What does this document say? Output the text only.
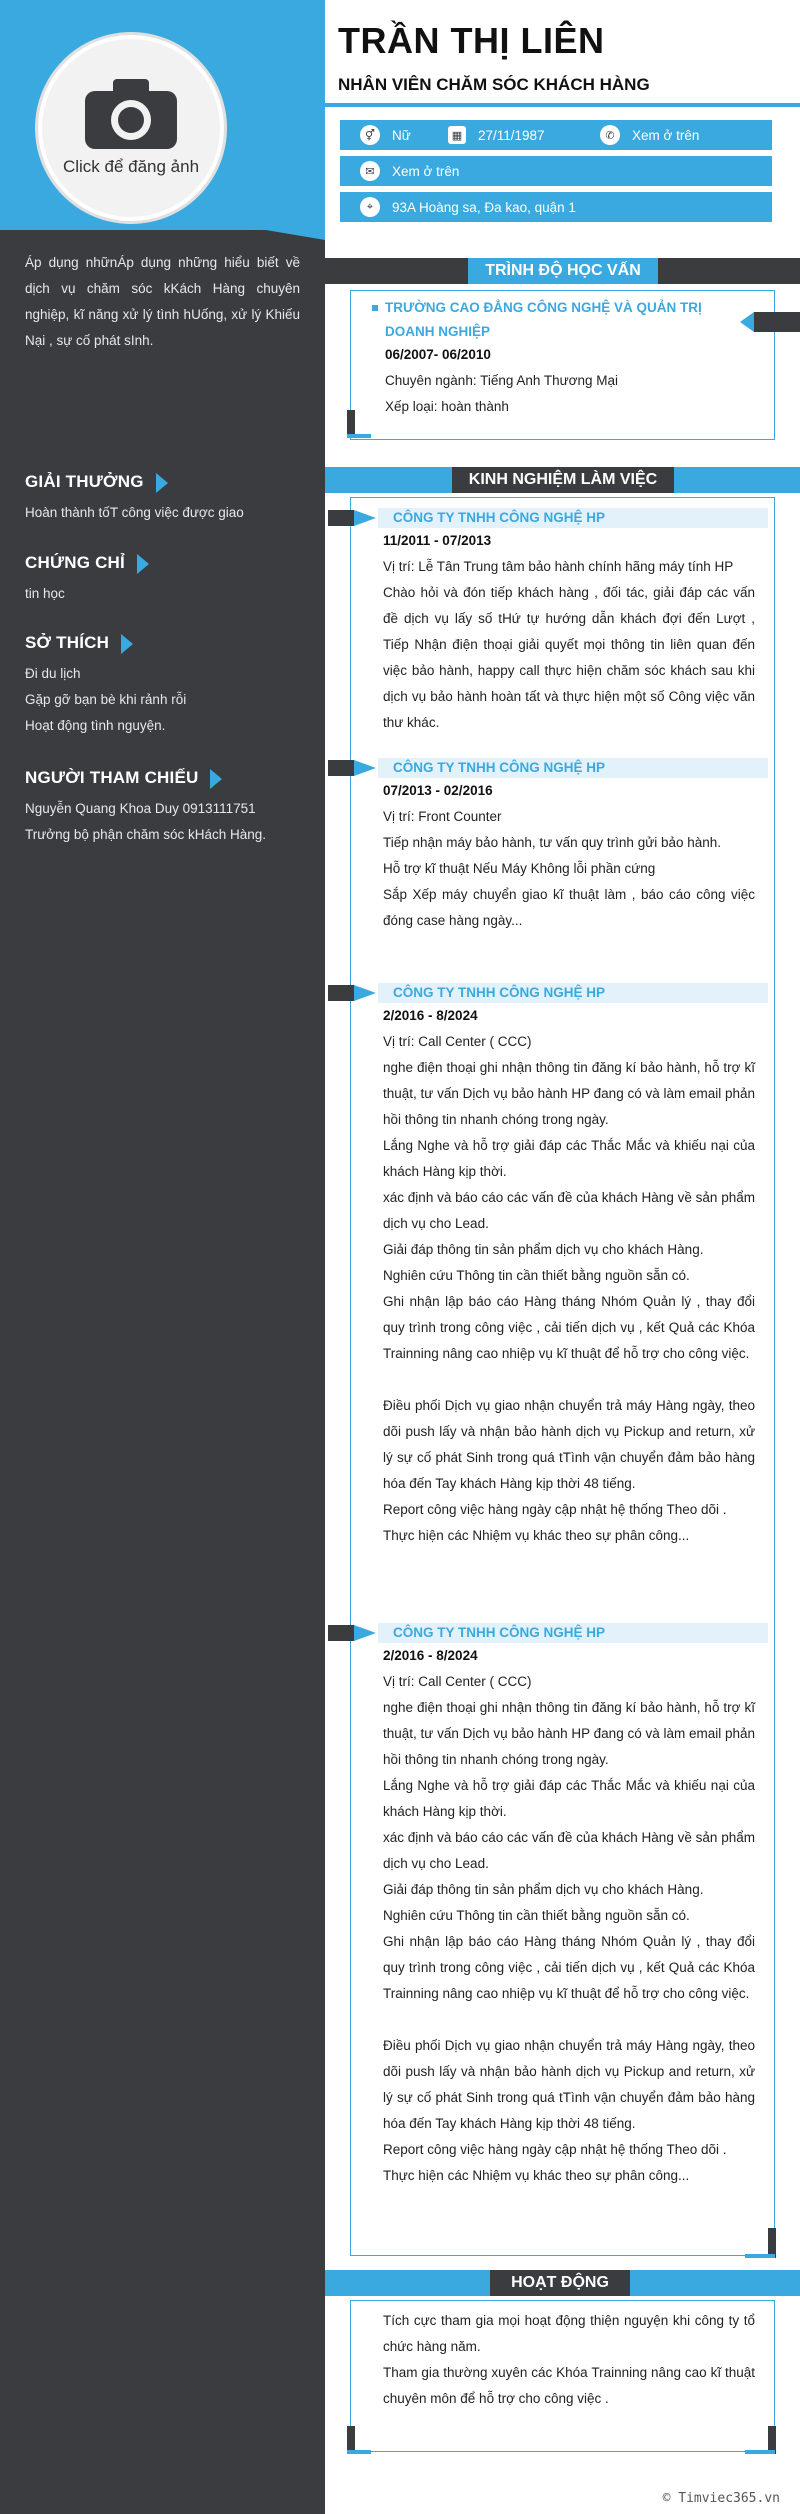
Click để đăng ảnh
Áp dụng nhữnÁp dụng những hiểu biết về dịch vụ chăm sóc kKách Hàng chuyên nghiệp, kĩ năng xử lý tình hUống, xử lý Khiếu Nại , sự cố phát sInh.
GIẢI THƯỞNG
Hoàn thành tốT công việc được giao
CHỨNG CHỈ
tin học
SỞ THÍCH
Đi du lịch
Gặp gỡ bạn bè khi rảnh rỗi
Hoạt động tình nguyện.
NGƯỜI THAM CHIẾU
Nguyễn Quang Khoa Duy 0913111751
Trưởng bộ phận chăm sóc kHách Hàng.
TRẦN THỊ LIÊN
NHÂN VIÊN CHĂM SÓC KHÁCH HÀNG
⚥	Nữ	▦ 27/11/1987	✆	Xem ở trên
✉	Xem ở trên
⌖	93A Hoàng sa, Đa kao, quận 1
TRÌNH ĐỘ HỌC VẤN
TRƯỜNG CAO ĐẲNG CÔNG NGHỆ VÀ QUẢN TRỊ DOANH NGHIỆP
06/2007- 06/2010
Chuyên ngành: Tiếng Anh Thương Mại
Xếp loại: hoàn thành
KINH NGHIỆM LÀM VIỆC
CÔNG TY TNHH CÔNG NGHỆ HP
11/2011 - 07/2013
Vị trí: Lễ Tân Trung tâm bảo hành chính hãng máy tính HP
Chào hỏi và đón tiếp khách hàng , đối tác, giải đáp các vấn đề dịch vụ lấy số tHứ tự hướng dẫn khách đợi đến Lượt , Tiếp Nhận điện thoại giải quyết mọi thông tin liên quan đến việc bảo hành, happy call thực hiện chăm sóc khách sau khi dịch vụ bảo hành hoàn tất và thực hiện một số Công việc văn thư khác.
CÔNG TY TNHH CÔNG NGHỆ HP
07/2013 - 02/2016
Vị trí: Front Counter
Tiếp nhận máy bảo hành, tư vấn quy trình gửi bảo hành.
Hỗ trợ kĩ thuật Nếu Máy Không lỗi phần cứng
Sắp Xếp máy chuyển giao kĩ thuật làm , báo cáo công việc đóng case hàng ngày...
CÔNG TY TNHH CÔNG NGHỆ HP
2/2016 - 8/2024
Vị trí: Call Center ( CCC)
nghe điện thoại ghi nhận thông tin đăng kí bảo hành, hỗ trợ kĩ thuật, tư vấn Dịch vụ bảo hành HP đang có và làm email phản hồi thông tin nhanh chóng trong ngày.
Lắng Nghe và hỗ trợ giải đáp các Thắc Mắc và khiếu nại của khách Hàng kịp thời.
xác định và báo cáo các vấn đề của khách Hàng về sản phẩm dịch vụ cho Lead.
Giải đáp thông tin sản phẩm dịch vụ cho khách Hàng.
Nghiên cứu Thông tin cần thiết bằng nguồn sẵn có.
Ghi nhận lập báo cáo Hàng tháng Nhóm Quản lý , thay đổi quy trình trong công việc , cải tiến dịch vụ , kết Quả các Khóa Trainning nâng cao nhiệp vụ kĩ thuật để hỗ trợ cho công việc.
Điều phối Dịch vụ giao nhận chuyển trả máy Hàng ngày, theo dõi push lấy và nhận bảo hành dịch vụ Pickup and return, xử lý sự cố phát Sinh trong quá tTình vận chuyển đảm bảo hàng hóa đến Tay khách Hàng kịp thời 48 tiếng.
Report công việc hàng ngày cập nhật hệ thống Theo dõi .
Thực hiện các Nhiệm vụ khác theo sự phân công...
CÔNG TY TNHH CÔNG NGHỆ HP
2/2016 - 8/2024
Vị trí: Call Center ( CCC)
nghe điện thoại ghi nhận thông tin đăng kí bảo hành, hỗ trợ kĩ thuật, tư vấn Dịch vụ bảo hành HP đang có và làm email phản hồi thông tin nhanh chóng trong ngày.
Lắng Nghe và hỗ trợ giải đáp các Thắc Mắc và khiếu nại của khách Hàng kịp thời.
xác định và báo cáo các vấn đề của khách Hàng về sản phẩm dịch vụ cho Lead.
Giải đáp thông tin sản phẩm dịch vụ cho khách Hàng.
Nghiên cứu Thông tin cần thiết bằng nguồn sẵn có.
Ghi nhận lập báo cáo Hàng tháng Nhóm Quản lý , thay đổi quy trình trong công việc , cải tiến dịch vụ , kết Quả các Khóa Trainning nâng cao nhiệp vụ kĩ thuật để hỗ trợ cho công việc.
Điều phối Dịch vụ giao nhận chuyển trả máy Hàng ngày, theo dõi push lấy và nhận bảo hành dịch vụ Pickup and return, xử lý sự cố phát Sinh trong quá tTình vận chuyển đảm bảo hàng hóa đến Tay khách Hàng kịp thời 48 tiếng.
Report công việc hàng ngày cập nhật hệ thống Theo dõi .
Thực hiện các Nhiệm vụ khác theo sự phân công...
HOẠT ĐỘNG
Tích cực tham gia mọi hoạt động thiện nguyện khi công ty tổ chức hàng năm.
Tham gia thường xuyên các Khóa Trainning nâng cao kĩ thuật chuyên môn để hỗ trợ cho công việc .
© Timviec365.vn
